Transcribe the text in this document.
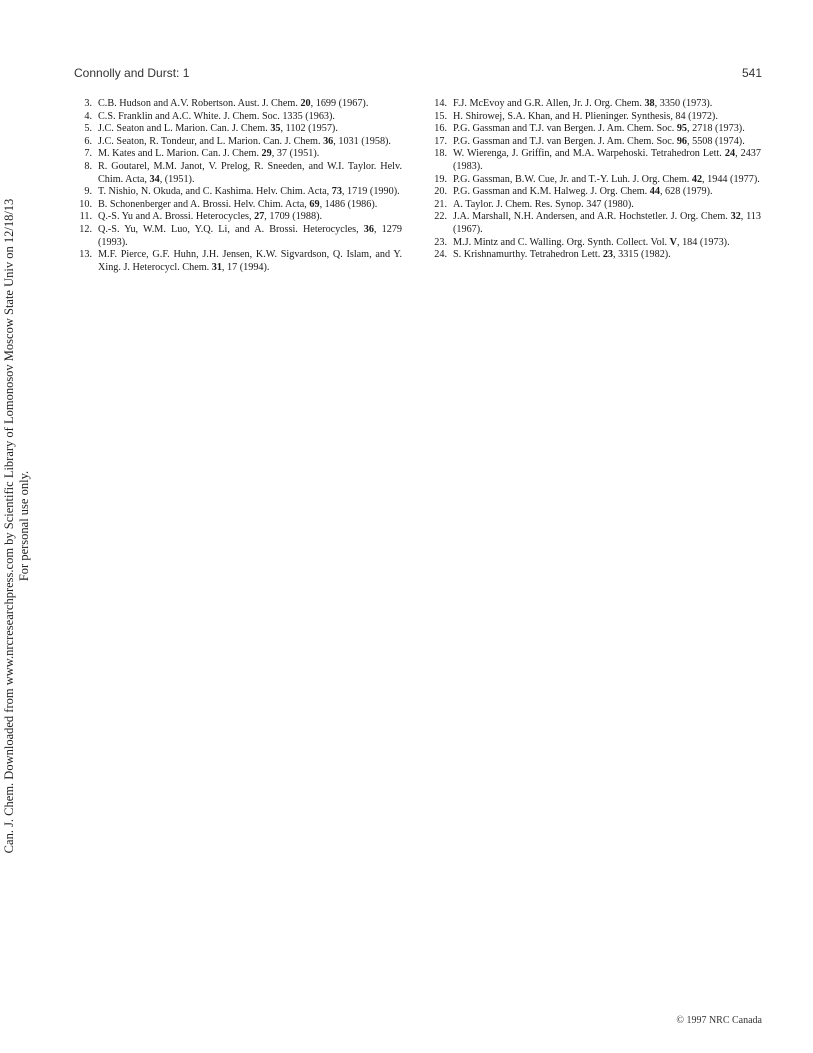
Connolly and Durst: 1	541
Can. J. Chem. Downloaded from www.nrcresearchpress.com by Scientific Library of Lomonosov Moscow State Univ on 12/18/13 For personal use only.
3. C.B. Hudson and A.V. Robertson. Aust. J. Chem. 20, 1699 (1967).
4. C.S. Franklin and A.C. White. J. Chem. Soc. 1335 (1963).
5. J.C. Seaton and L. Marion. Can. J. Chem. 35, 1102 (1957).
6. J.C. Seaton, R. Tondeur, and L. Marion. Can. J. Chem. 36, 1031 (1958).
7. M. Kates and L. Marion. Can. J. Chem. 29, 37 (1951).
8. R. Goutarel, M.M. Janot, V. Prelog, R. Sneeden, and W.I. Taylor. Helv. Chim. Acta, 34, (1951).
9. T. Nishio, N. Okuda, and C. Kashima. Helv. Chim. Acta, 73, 1719 (1990).
10. B. Schonenberger and A. Brossi. Helv. Chim. Acta, 69, 1486 (1986).
11. Q.-S. Yu and A. Brossi. Heterocycles, 27, 1709 (1988).
12. Q.-S. Yu, W.M. Luo, Y.Q. Li, and A. Brossi. Heterocycles, 36, 1279 (1993).
13. M.F. Pierce, G.F. Huhn, J.H. Jensen, K.W. Sigvardson, Q. Islam, and Y. Xing. J. Heterocycl. Chem. 31, 17 (1994).
14. F.J. McEvoy and G.R. Allen, Jr. J. Org. Chem. 38, 3350 (1973).
15. H. Shirowej, S.A. Khan, and H. Plieninger. Synthesis, 84 (1972).
16. P.G. Gassman and T.J. van Bergen. J. Am. Chem. Soc. 95, 2718 (1973).
17. P.G. Gassman and T.J. van Bergen. J. Am. Chem. Soc. 96, 5508 (1974).
18. W. Wierenga, J. Griffin, and M.A. Warpehoski. Tetrahedron Lett. 24, 2437 (1983).
19. P.G. Gassman, B.W. Cue, Jr. and T.-Y. Luh. J. Org. Chem. 42, 1944 (1977).
20. P.G. Gassman and K.M. Halweg. J. Org. Chem. 44, 628 (1979).
21. A. Taylor. J. Chem. Res. Synop. 347 (1980).
22. J.A. Marshall, N.H. Andersen, and A.R. Hochstetler. J. Org. Chem. 32, 113 (1967).
23. M.J. Mintz and C. Walling. Org. Synth. Collect. Vol. V, 184 (1973).
24. S. Krishnamurthy. Tetrahedron Lett. 23, 3315 (1982).
© 1997 NRC Canada
